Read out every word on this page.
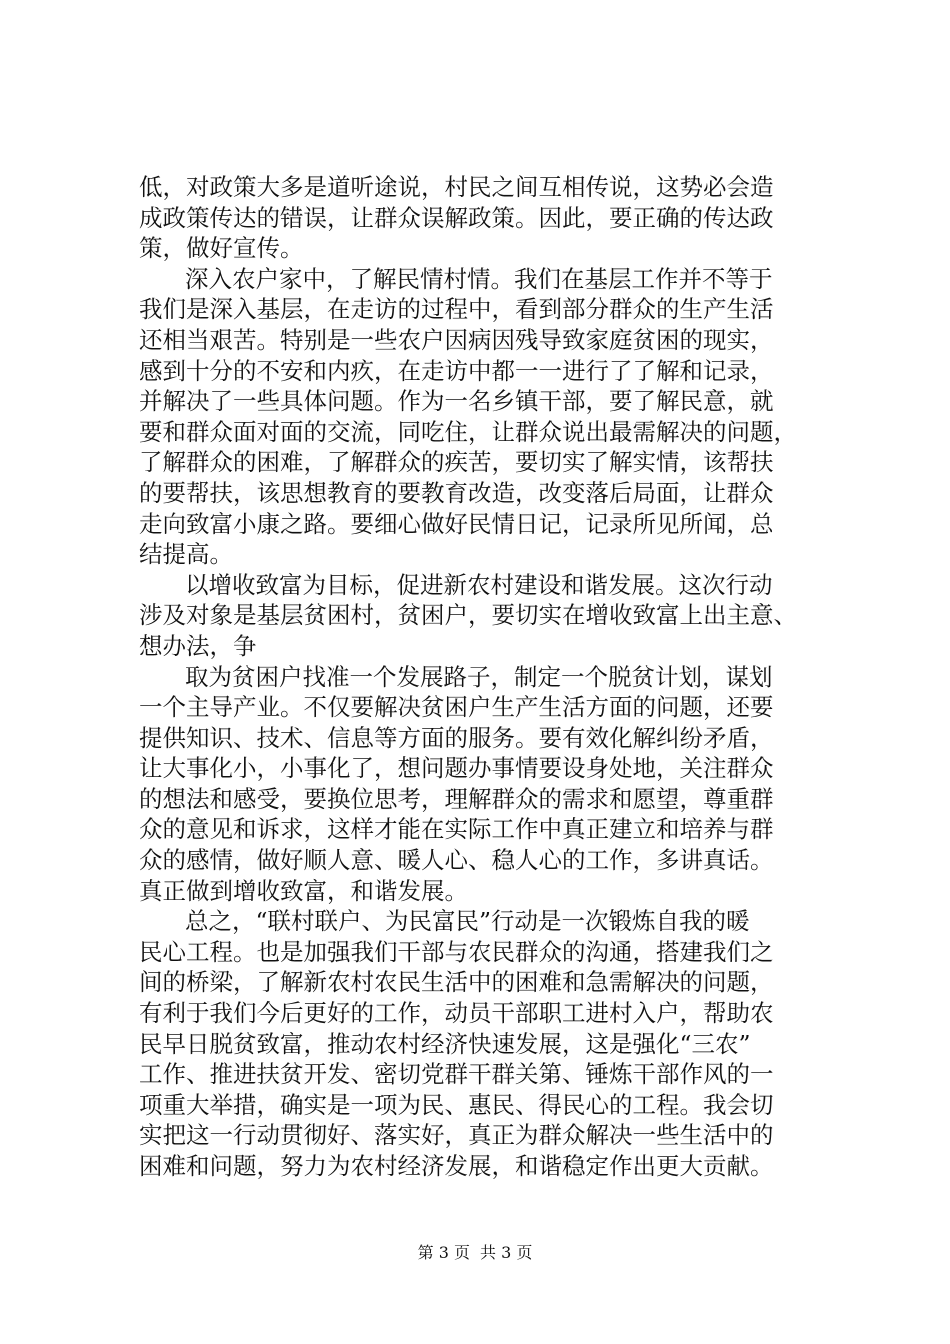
低，对政策大多是道听途说，村民之间互相传说，这势必会造
成政策传达的错误，让群众误解政策。因此，要正确的传达政
策，做好宣传。
深入农户家中，了解民情村情。我们在基层工作并不等于
我们是深入基层，在走访的过程中，看到部分群众的生产生活
还相当艰苦。特别是一些农户因病因残导致家庭贫困的现实，
感到十分的不安和内疚，在走访中都一一进行了了解和记录，
并解决了一些具体问题。作为一名乡镇干部，要了解民意，就
要和群众面对面的交流，同吃住，让群众说出最需解决的问题，
了解群众的困难，了解群众的疾苦，要切实了解实情，该帮扶
的要帮扶，该思想教育的要教育改造，改变落后局面，让群众
走向致富小康之路。要细心做好民情日记，记录所见所闻，总
结提高。
以增收致富为目标，促进新农村建设和谐发展。这次行动
涉及对象是基层贫困村，贫困户，要切实在增收致富上出主意、
想办法，争
取为贫困户找准一个发展路子，制定一个脱贫计划，谋划
一个主导产业。不仅要解决贫困户生产生活方面的问题，还要
提供知识、技术、信息等方面的服务。要有效化解纠纷矛盾，
让大事化小，小事化了，想问题办事情要设身处地，关注群众
的想法和感受，要换位思考，理解群众的需求和愿望，尊重群
众的意见和诉求，这样才能在实际工作中真正建立和培养与群
众的感情，做好顺人意、暖人心、稳人心的工作，多讲真话。
真正做到增收致富，和谐发展。
总之，“联村联户、为民富民”行动是一次锻炼自我的暖
民心工程。也是加强我们干部与农民群众的沟通，搭建我们之
间的桥梁，了解新农村农民生活中的困难和急需解决的问题，
有利于我们今后更好的工作，动员干部职工进村入户，帮助农
民早日脱贫致富，推动农村经济快速发展，这是强化“三农”
工作、推进扶贫开发、密切党群干群关第、锤炼干部作风的一
项重大举措，确实是一项为民、惠民、得民心的工程。我会切
实把这一行动贯彻好、落实好，真正为群众解决一些生活中的
困难和问题，努力为农村经济发展，和谐稳定作出更大贡献。
第 3 页 共 3 页
